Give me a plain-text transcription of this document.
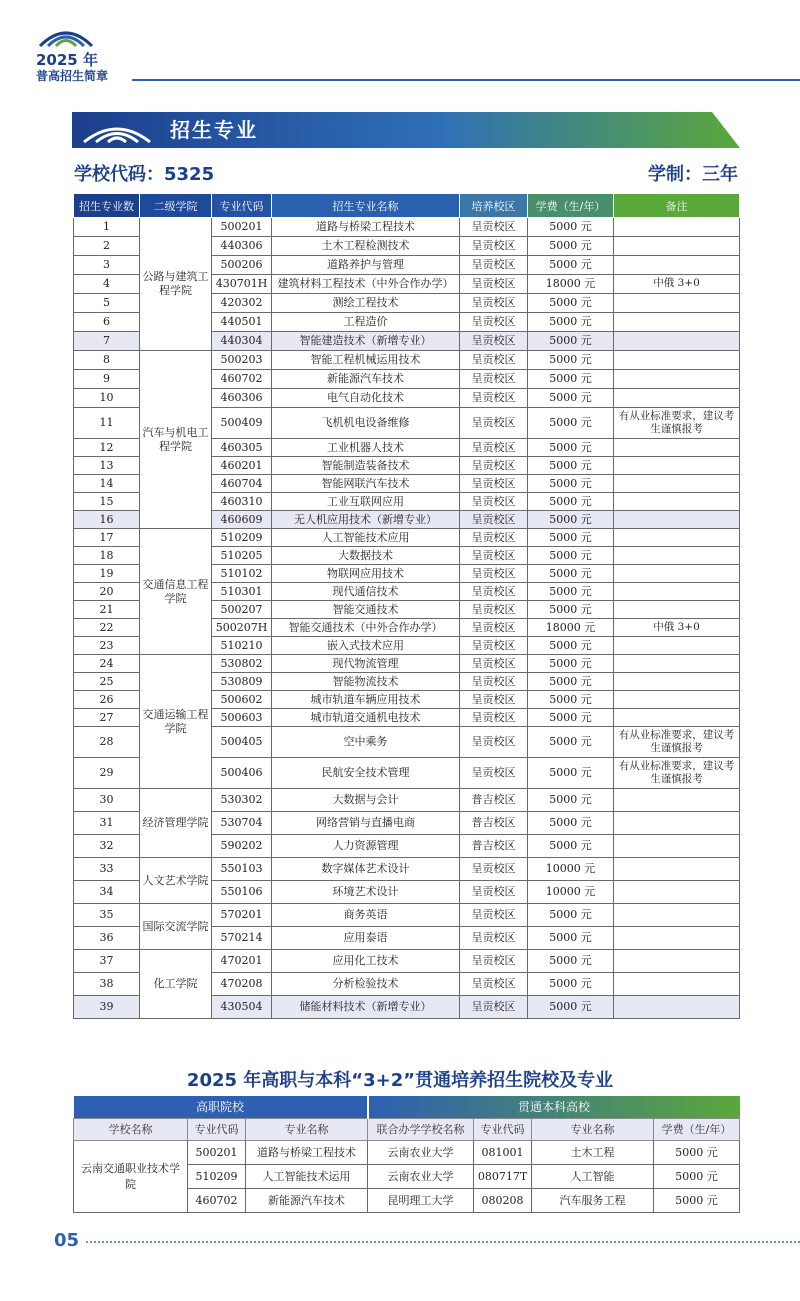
2025 年
普高招生简章
招生专业
学校代码：5325	学制：三年
招生专业数	二级学院	专业代码	招生专业名称	培养校区	学费（生/年）	备注
1	公路与建筑工程学院	500201	道路与桥梁工程技术	呈贡校区	5000 元	
2		440306	土木工程检测技术	呈贡校区	5000 元	
3		500206	道路养护与管理	呈贡校区	5000 元	
4		430701H	建筑材料工程技术（中外合作办学）	呈贡校区	18000 元	中俄 3+0
5		420302	测绘工程技术	呈贡校区	5000 元	
6		440501	工程造价	呈贡校区	5000 元	
7		440304	智能建造技术（新增专业）	呈贡校区	5000 元	
8	汽车与机电工程学院	500203	智能工程机械运用技术	呈贡校区	5000 元	
9		460702	新能源汽车技术	呈贡校区	5000 元	
10		460306	电气自动化技术	呈贡校区	5000 元	
11		500409	飞机机电设备维修	呈贡校区	5000 元	有从业标准要求，建议考生谨慎报考
12		460305	工业机器人技术	呈贡校区	5000 元	
13		460201	智能制造装备技术	呈贡校区	5000 元	
14		460704	智能网联汽车技术	呈贡校区	5000 元	
15		460310	工业互联网应用	呈贡校区	5000 元	
16		460609	无人机应用技术（新增专业）	呈贡校区	5000 元	
17	交通信息工程学院	510209	人工智能技术应用	呈贡校区	5000 元	
18		510205	大数据技术	呈贡校区	5000 元	
19		510102	物联网应用技术	呈贡校区	5000 元	
20		510301	现代通信技术	呈贡校区	5000 元	
21		500207	智能交通技术	呈贡校区	5000 元	
22		500207H	智能交通技术（中外合作办学）	呈贡校区	18000 元	中俄 3+0
23		510210	嵌入式技术应用	呈贡校区	5000 元	
24	交通运输工程学院	530802	现代物流管理	呈贡校区	5000 元	
25		530809	智能物流技术	呈贡校区	5000 元	
26		500602	城市轨道车辆应用技术	呈贡校区	5000 元	
27		500603	城市轨道交通机电技术	呈贡校区	5000 元	
28		500405	空中乘务	呈贡校区	5000 元	有从业标准要求，建议考生谨慎报考
29		500406	民航安全技术管理	呈贡校区	5000 元	有从业标准要求，建议考生谨慎报考
30	经济管理学院	530302	大数据与会计	普吉校区	5000 元	
31		530704	网络营销与直播电商	普吉校区	5000 元	
32		590202	人力资源管理	普吉校区	5000 元	
33	人文艺术学院	550103	数字媒体艺术设计	呈贡校区	10000 元	
34		550106	环境艺术设计	呈贡校区	10000 元	
35	国际交流学院	570201	商务英语	呈贡校区	5000 元	
36		570214	应用泰语	呈贡校区	5000 元	
37	化工学院	470201	应用化工技术	呈贡校区	5000 元	
38		470208	分析检验技术	呈贡校区	5000 元	
39		430504	储能材料技术（新增专业）	呈贡校区	5000 元	
2025 年高职与本科“3+2”贯通培养招生院校及专业
高职院校			贯通本科高校			
学校名称	专业代码	专业名称	联合办学学校名称	专业代码	专业名称	学费（生/年）
云南交通职业技术学院	500201	道路与桥梁工程技术	云南农业大学	081001	土木工程	5000 元
	510209	人工智能技术运用	云南农业大学	080717T	人工智能	5000 元
	460702	新能源汽车技术	昆明理工大学	080208	汽车服务工程	5000 元
05
